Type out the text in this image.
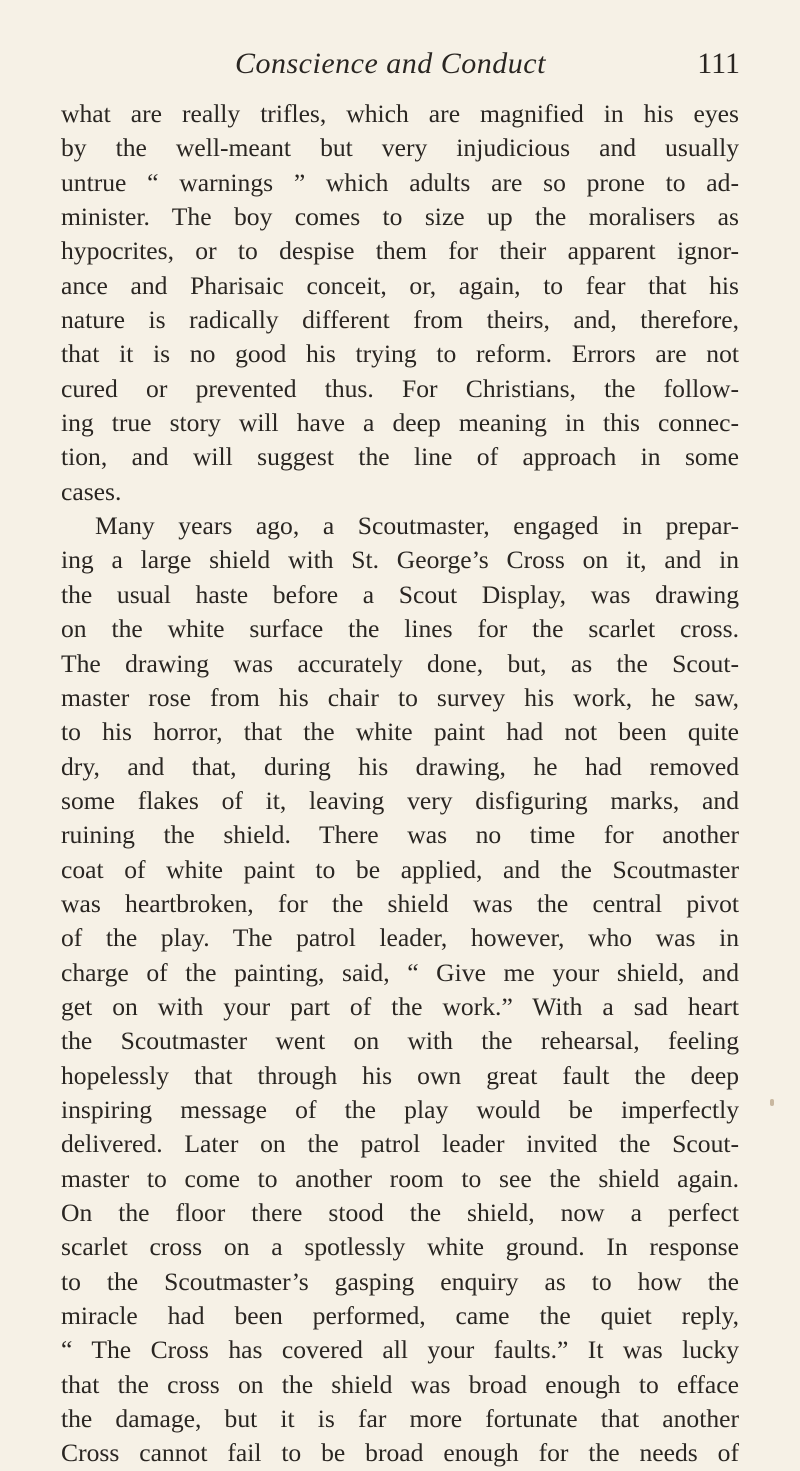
Conscience and Conduct	111
what are really trifles, which are magnified in his eyes
by the well-meant but very injudicious and usually
untrue “ warnings ” which adults are so prone to ad-
minister. The boy comes to size up the moralisers as
hypocrites, or to despise them for their apparent ignor-
ance and Pharisaic conceit, or, again, to fear that his
nature is radically different from theirs, and, therefore,
that it is no good his trying to reform. Errors are not
cured or prevented thus. For Christians, the follow-
ing true story will have a deep meaning in this connec-
tion, and will suggest the line of approach in some
cases.
Many years ago, a Scoutmaster, engaged in prepar-
ing a large shield with St. George’s Cross on it, and in
the usual haste before a Scout Display, was drawing
on the white surface the lines for the scarlet cross.
The drawing was accurately done, but, as the Scout-
master rose from his chair to survey his work, he saw,
to his horror, that the white paint had not been quite
dry, and that, during his drawing, he had removed
some flakes of it, leaving very disfiguring marks, and
ruining the shield. There was no time for another
coat of white paint to be applied, and the Scoutmaster
was heartbroken, for the shield was the central pivot
of the play. The patrol leader, however, who was in
charge of the painting, said, “ Give me your shield, and
get on with your part of the work.” With a sad heart
the Scoutmaster went on with the rehearsal, feeling
hopelessly that through his own great fault the deep
inspiring message of the play would be imperfectly
delivered. Later on the patrol leader invited the Scout-
master to come to another room to see the shield again.
On the floor there stood the shield, now a perfect
scarlet cross on a spotlessly white ground. In response
to the Scoutmaster’s gasping enquiry as to how the
miracle had been performed, came the quiet reply,
“ The Cross has covered all your faults.” It was lucky
that the cross on the shield was broad enough to efface
the damage, but it is far more fortunate that another
Cross cannot fail to be broad enough for the needs of
